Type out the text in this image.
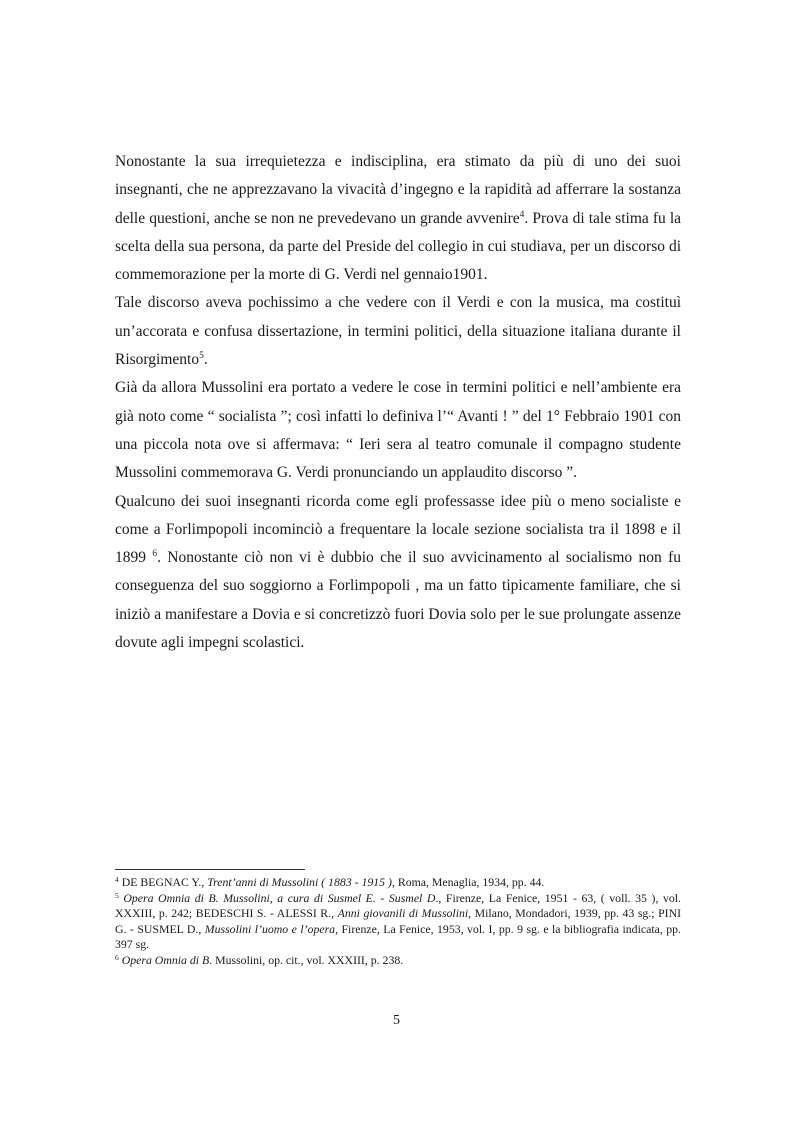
Nonostante la sua irrequietezza e indisciplina, era stimato da più di uno dei suoi insegnanti, che ne apprezzavano la vivacità d’ingegno e la rapidità ad afferrare la sostanza delle questioni, anche se non ne prevedevano un grande avvenire$^4$. Prova di tale stima fu la scelta della sua persona, da parte del Preside del collegio in cui studiava, per un discorso di commemorazione per la morte di G. Verdi nel gennaio1901.

Tale discorso aveva pochissimo a che vedere con il Verdi e con la musica, ma costituì un’accorata e confusa dissertazione, in termini politici, della situazione italiana durante il Risorgimento$^5$.

Già da allora Mussolini era portato a vedere le cose in termini politici e nell’ambiente era già noto come “ socialista ”; così infatti lo definiva l’“ Avanti ! ” del 1° Febbraio 1901 con una piccola nota ove si affermava: “ Ieri sera al teatro comunale il compagno studente Mussolini commemorava G. Verdi pronunciando un applaudito discorso ”.

Qualcuno dei suoi insegnanti ricorda come egli professasse idee più o meno socialiste e come a Forlimpopoli incominciò a frequentare la locale sezione socialista tra il 1898 e il 1899 $^6$. Nonostante ciò non vi è dubbio che il suo avvicinamento al socialismo non fu conseguenza del suo soggiorno a Forlimpopoli , ma un fatto tipicamente familiare, che si iniziò a manifestare a Dovia e si concretizzò fuori Dovia solo per le sue prolungate assenze dovute agli impegni scolastici.

$^4$ DE BEGNAC Y., Trent’anni di Mussolini ( 1883 - 1915 ), Roma, Menaglia, 1934, pp. 44.

$^5$ Opera Omnia di B. Mussolini, a cura di Susmel E. - Susmel D., Firenze, La Fenice, 1951 - 63, ( voll. 35 ), vol. XXXIII, p. 242; BEDESCHI S. - ALESSI R., Anni giovanili di Mussolini, Milano, Mondadori, 1939, pp. 43 sg.; PINI G. - SUSMEL D., Mussolini l’uomo e l’opera, Firenze, La Fenice, 1953, vol. I, pp. 9 sg. e la bibliografia indicata, pp. 397 sg.

$^6$ Opera Omnia di B. Mussolini, op. cit., vol. XXXIII, p. 238.

5
